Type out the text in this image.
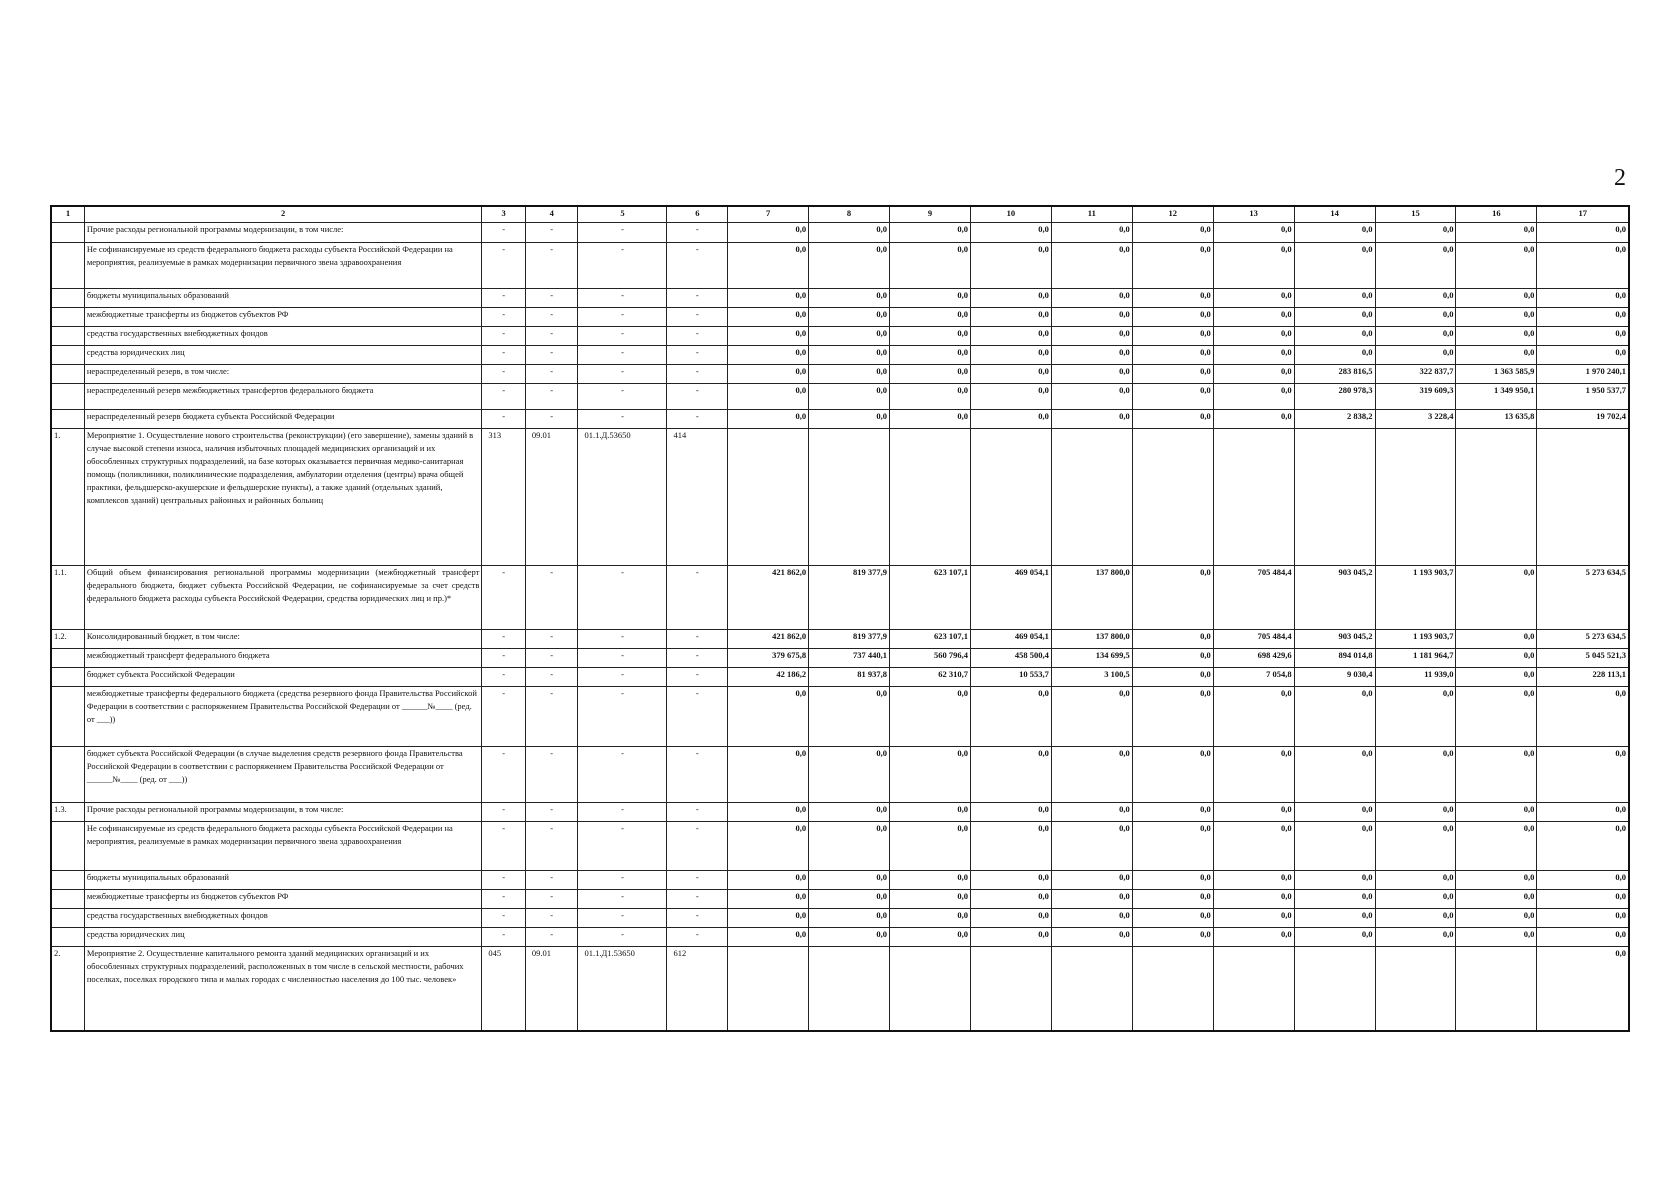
2
1	2	3	4	5	6	7	8	9	10	11	12	13	14	15	16	17
	Прочие расходы региональной программы модернизации, в том числе:	-	-	-	-	0,0	0,0	0,0	0,0	0,0	0,0	0,0	0,0	0,0	0,0	0,0
	Не софинансируемые из средств федерального бюджета расходы субъекта Российской Федерации на мероприятия, реализуемые в рамках модернизации первичного звена здравоохранения	-	-	-	-	0,0	0,0	0,0	0,0	0,0	0,0	0,0	0,0	0,0	0,0	0,0
	бюджеты муниципальных образований	-	-	-	-	0,0	0,0	0,0	0,0	0,0	0,0	0,0	0,0	0,0	0,0	0,0
	межбюджетные трансферты из бюджетов субъектов РФ	-	-	-	-	0,0	0,0	0,0	0,0	0,0	0,0	0,0	0,0	0,0	0,0	0,0
	средства государственных внебюджетных фондов	-	-	-	-	0,0	0,0	0,0	0,0	0,0	0,0	0,0	0,0	0,0	0,0	0,0
	средства юридических лиц	-	-	-	-	0,0	0,0	0,0	0,0	0,0	0,0	0,0	0,0	0,0	0,0	0,0
	нераспределенный резерв, в том числе:	-	-	-	-	0,0	0,0	0,0	0,0	0,0	0,0	0,0	283 816,5	322 837,7	1 363 585,9	1 970 240,1
	нераспределенный резерв межбюджетных трансфертов федерального бюджета	-	-	-	-	0,0	0,0	0,0	0,0	0,0	0,0	0,0	280 978,3	319 609,3	1 349 950,1	1 950 537,7
	нераспределенный резерв бюджета субъекта Российской Федерации	-	-	-	-	0,0	0,0	0,0	0,0	0,0	0,0	0,0	2 838,2	3 228,4	13 635,8	19 702,4
1.	Мероприятие 1. Осуществление нового строительства (реконструкции) (его завершение), замены зданий в случае высокой степени износа, наличия избыточных площадей медицинских организаций и их обособленных структурных подразделений, на базе которых оказывается первичная медико-санитарная помощь (поликлиники, поликлинические подразделения, амбулатории отделения (центры) врача общей практики, фельдшерско-акушерские и фельдшерские пункты), а также зданий (отдельных зданий, комплексов зданий) центральных районных и районных больниц	313	09.01	01.1.Д.53650	414											
1.1.	Общий объем финансирования региональной программы модернизации (межбюджетный трансферт федерального бюджета, бюджет субъекта Российской Федерации, не софинансируемые за счет средств федерального бюджета расходы субъекта Российской Федерации, средства юридических лиц и пр.)*	-	-	-	-	421 862,0	819 377,9	623 107,1	469 054,1	137 800,0	0,0	705 484,4	903 045,2	1 193 903,7	0,0	5 273 634,5
1.2.	Консолидированный бюджет, в том числе:	-	-	-	-	421 862,0	819 377,9	623 107,1	469 054,1	137 800,0	0,0	705 484,4	903 045,2	1 193 903,7	0,0	5 273 634,5
	межбюджетный трансферт федерального бюджета	-	-	-	-	379 675,8	737 440,1	560 796,4	458 500,4	134 699,5	0,0	698 429,6	894 014,8	1 181 964,7	0,0	5 045 521,3
	бюджет субъекта Российской Федерации	-	-	-	-	42 186,2	81 937,8	62 310,7	10 553,7	3 100,5	0,0	7 054,8	9 030,4	11 939,0	0,0	228 113,1
	межбюджетные трансферты федерального бюджета (средства резервного фонда Правительства Российской Федерации в соответствии с распоряжением Правительства Российской Федерации от ______№____ (ред. от ___))	-	-	-	-	0,0	0,0	0,0	0,0	0,0	0,0	0,0	0,0	0,0	0,0	0,0
	бюджет субъекта Российской Федерации (в случае выделения средств резервного фонда Правительства Российской Федерации в соответствии с распоряжением Правительства Российской Федерации от ______№____ (ред. от ___))	-	-	-	-	0,0	0,0	0,0	0,0	0,0	0,0	0,0	0,0	0,0	0,0	0,0
1.3.	Прочие расходы региональной программы модернизации, в том числе:	-	-	-	-	0,0	0,0	0,0	0,0	0,0	0,0	0,0	0,0	0,0	0,0	0,0
	Не софинансируемые из средств федерального бюджета расходы субъекта Российской Федерации на мероприятия, реализуемые в рамках модернизации первичного звена здравоохранения	-	-	-	-	0,0	0,0	0,0	0,0	0,0	0,0	0,0	0,0	0,0	0,0	0,0
	бюджеты муниципальных образований	-	-	-	-	0,0	0,0	0,0	0,0	0,0	0,0	0,0	0,0	0,0	0,0	0,0
	межбюджетные трансферты из бюджетов субъектов РФ	-	-	-	-	0,0	0,0	0,0	0,0	0,0	0,0	0,0	0,0	0,0	0,0	0,0
	средства государственных внебюджетных фондов	-	-	-	-	0,0	0,0	0,0	0,0	0,0	0,0	0,0	0,0	0,0	0,0	0,0
	средства юридических лиц	-	-	-	-	0,0	0,0	0,0	0,0	0,0	0,0	0,0	0,0	0,0	0,0	0,0
2.	Мероприятие 2. Осуществление капитального ремонта зданий медицинских организаций и их обособленных структурных подразделений, расположенных в том числе в сельской местности, рабочих поселках, поселках городского типа и малых городах с численностью населения до 100 тыс. человек»	045	09.01	01.1.Д1.53650	612											0,0
